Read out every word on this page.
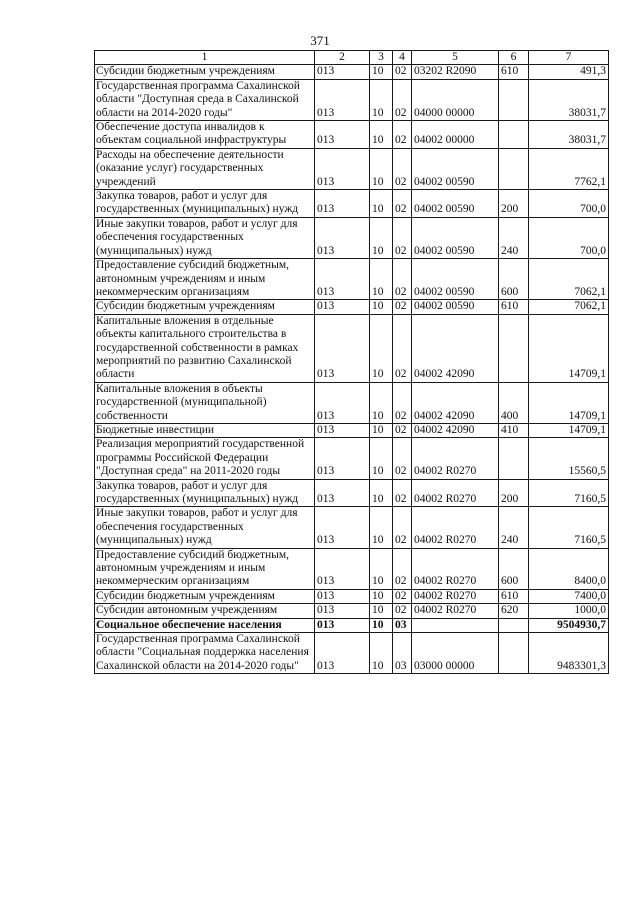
371
1	2	3	4	5	6	7
Субсидии бюджетным учреждениям	013	10	02	03202 R2090	610	491,3
Государственная программа Сахалинской области "Доступная среда в Сахалинской области на 2014-2020 годы"	013	10	02	04000 00000		38031,7
Обеспечение доступа инвалидов к объектам социальной инфраструктуры	013	10	02	04002 00000		38031,7
Расходы на обеспечение деятельности (оказание услуг) государственных учреждений	013	10	02	04002 00590		7762,1
Закупка товаров, работ и услуг для государственных (муниципальных) нужд	013	10	02	04002 00590	200	700,0
Иные закупки товаров, работ и услуг для обеспечения государственных (муниципальных) нужд	013	10	02	04002 00590	240	700,0
Предоставление субсидий бюджетным, автономным учреждениям и иным некоммерческим организациям	013	10	02	04002 00590	600	7062,1
Субсидии бюджетным учреждениям	013	10	02	04002 00590	610	7062,1
Капитальные вложения в отдельные объекты капитального строительства в государственной собственности в рамках мероприятий по развитию Сахалинской области	013	10	02	04002 42090		14709,1
Капитальные вложения в объекты государственной (муниципальной) собственности	013	10	02	04002 42090	400	14709,1
Бюджетные инвестиции	013	10	02	04002 42090	410	14709,1
Реализация мероприятий государственной программы Российской Федерации "Доступная среда" на 2011-2020 годы	013	10	02	04002 R0270		15560,5
Закупка товаров, работ и услуг для государственных (муниципальных) нужд	013	10	02	04002 R0270	200	7160,5
Иные закупки товаров, работ и услуг для обеспечения государственных (муниципальных) нужд	013	10	02	04002 R0270	240	7160,5
Предоставление субсидий бюджетным, автономным учреждениям и иным некоммерческим организациям	013	10	02	04002 R0270	600	8400,0
Субсидии бюджетным учреждениям	013	10	02	04002 R0270	610	7400,0
Субсидии автономным учреждениям	013	10	02	04002 R0270	620	1000,0
Социальное обеспечение населения	013	10	03			9504930,7
Государственная программа Сахалинской области "Социальная поддержка населения Сахалинской области на 2014-2020 годы"	013	10	03	03000 00000		9483301,3
